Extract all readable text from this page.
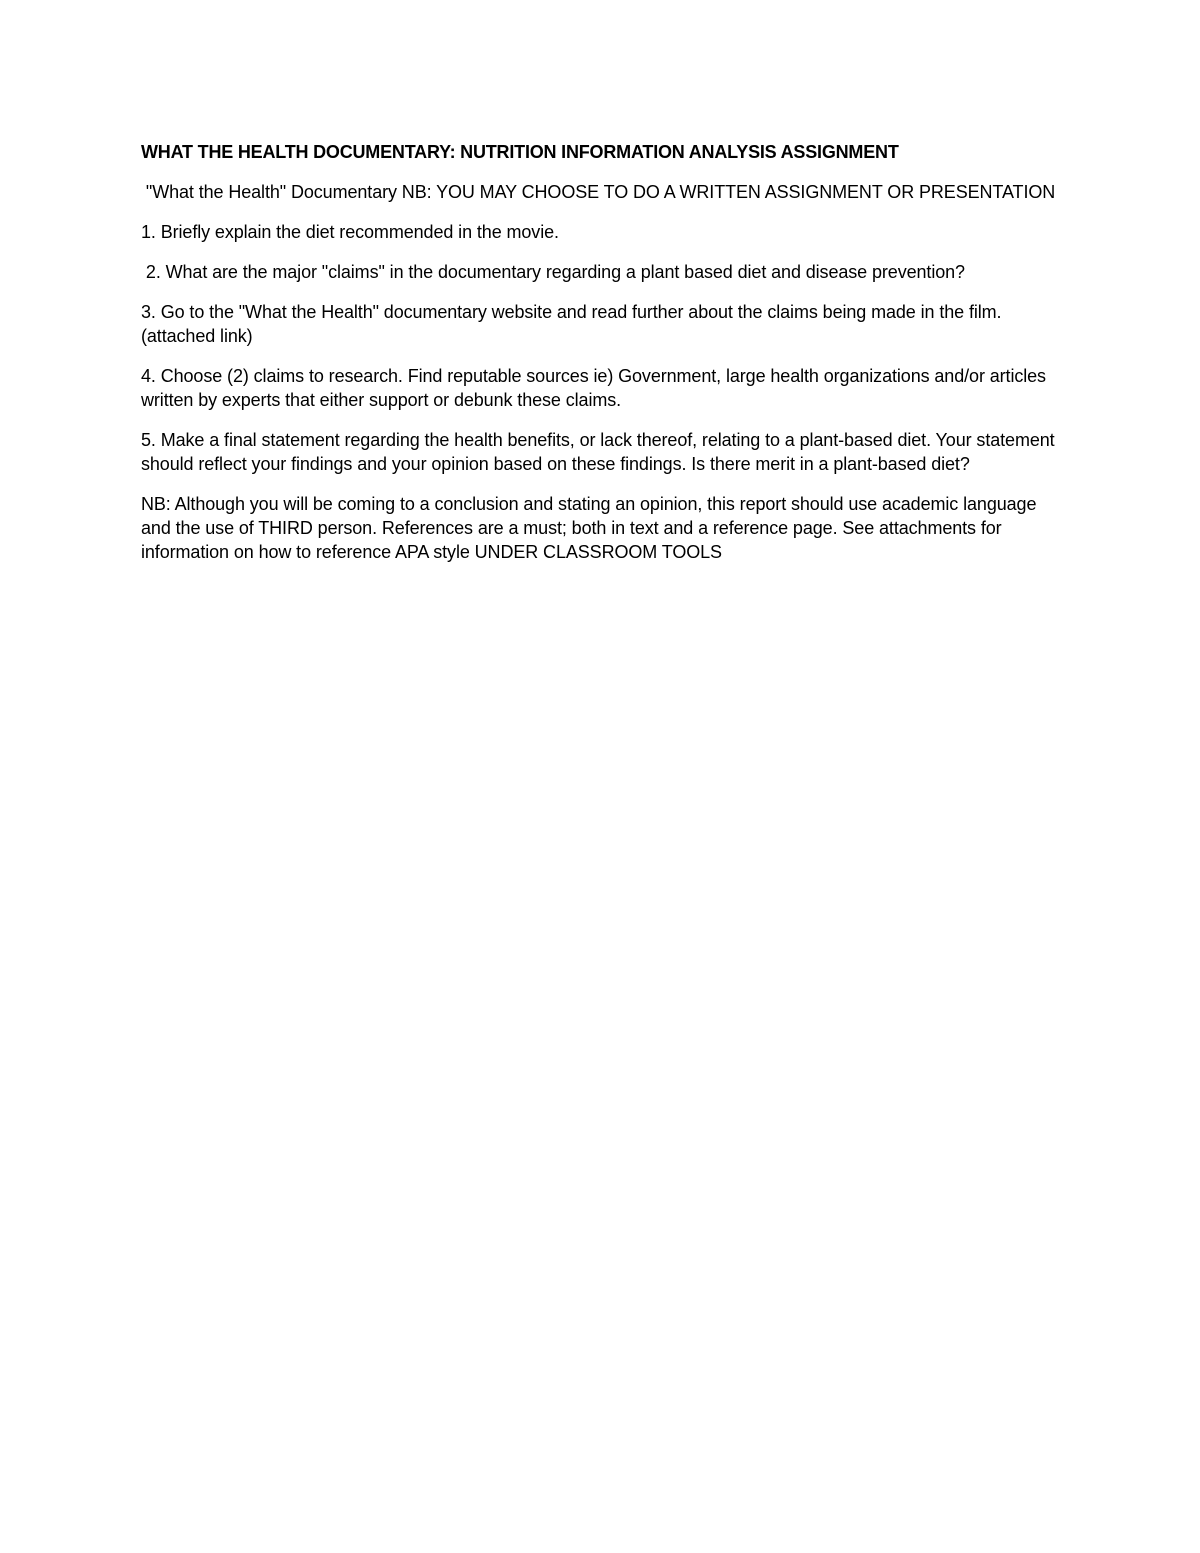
WHAT THE HEALTH DOCUMENTARY: NUTRITION INFORMATION ANALYSIS ASSIGNMENT
"What the Health" Documentary NB: YOU MAY CHOOSE TO DO A WRITTEN ASSIGNMENT OR PRESENTATION
1. Briefly explain the diet recommended in the movie.
2. What are the major "claims" in the documentary regarding a plant based diet and disease prevention?
3. Go to the "What the Health" documentary website and read further about the claims being made in the film.(attached link)
4. Choose (2) claims to research. Find reputable sources ie) Government, large health organizations and/or articles written by experts that either support or debunk these claims.
5. Make a final statement regarding the health benefits, or lack thereof, relating to a plant-based diet. Your statement should reflect your findings and your opinion based on these findings. Is there merit in a plant-based diet?
NB: Although you will be coming to a conclusion and stating an opinion, this report should use academic language and the use of THIRD person. References are a must; both in text and a reference page. See attachments for information on how to reference APA style UNDER CLASSROOM TOOLS
